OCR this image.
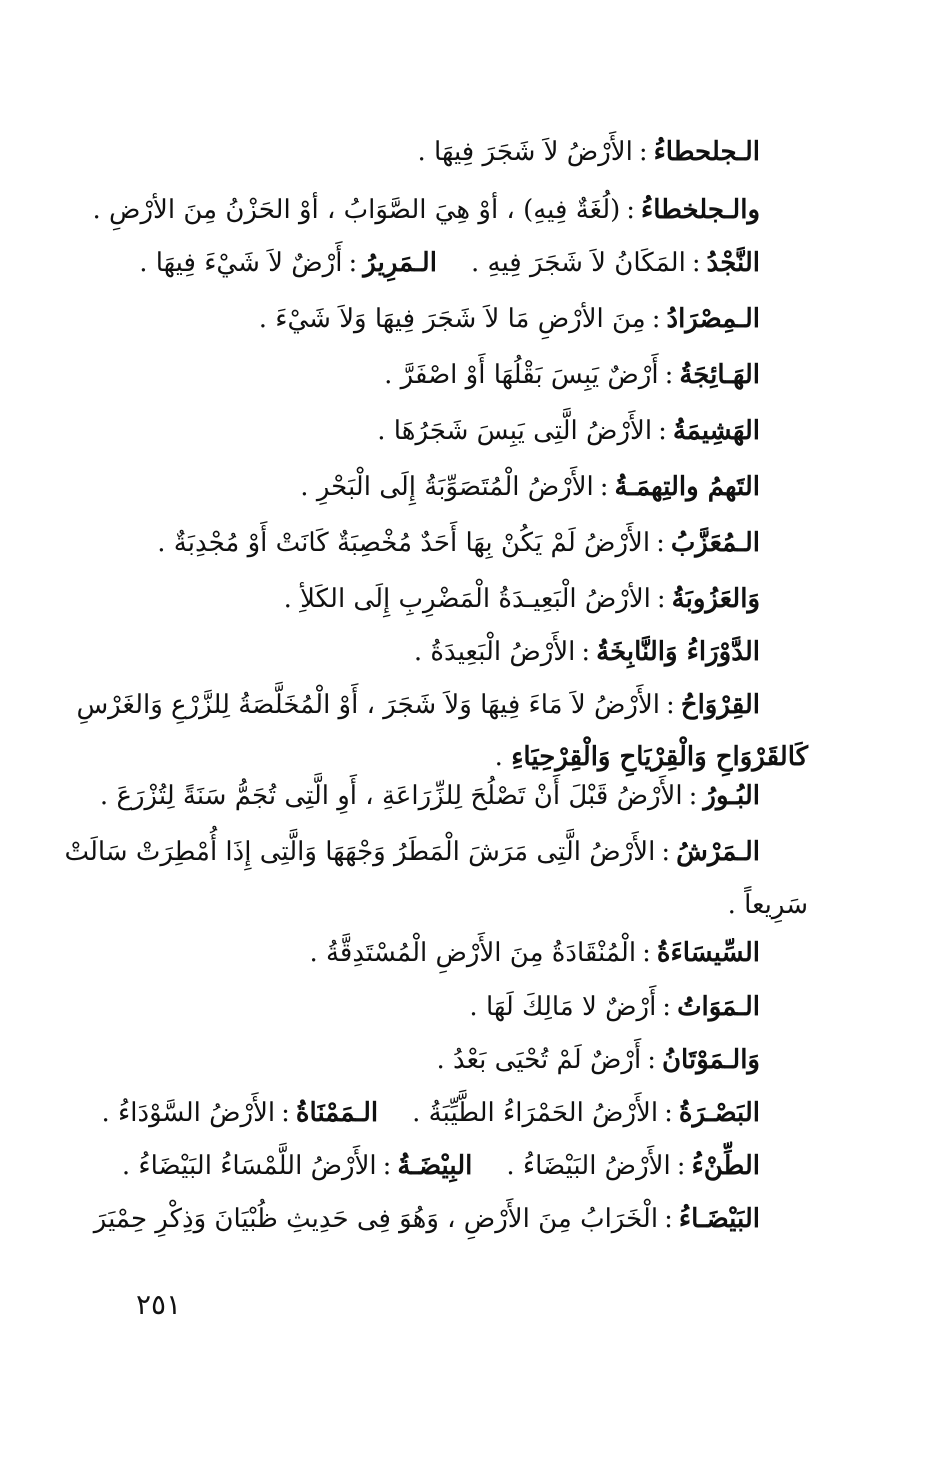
الـجلحطاءُ:الأَرْضُ لاَ شَجَرَ فِيهَا .
والـجلخطاءُ:(لُغَةٌ فِيهِ) ، أوْ هِيَ الصَّوَابُ ، أوْ الحَزْنُ مِنَ الأرْضِ .
النَّجْدُ:المَكَانُ لاَ شَجَرَ فِيهِ .الـمَرِيرُ:أَرْضٌ لاَ شَيْءَ فِيهَا .
الـمِصْرَادُ:مِنَ الأرْضِ مَا لاَ شَجَرَ فِيهَا وَلاَ شَيْءَ .
الهَـائِجَةُ:أَرْضٌ يَبِسَ بَقْلُهَا أَوْ اصْفَرَّ .
الهَشِيمَةُ:الأَرْضُ الَّتِى يَبِسَ شَجَرُهَا .
التَهمُ والتِهمَـةُ:الأَرْضُ الْمُتَصَوِّبَةُ إِلَى الْبَحْرِ .
الـمُعَزَّبُ:الأَرْضُ لَمْ يَكُنْ بِهَا أَحَدٌ مُخْصِبَةٌ كَانَتْ أَوْ مُجْدِبَةٌ .
وَالعَزُوبَةُ:الأرْضُ الْبَعِيـدَةُ الْمَضْرِبِ إِلَى الكَلأِ .
الدَّوْرَاءُ وَالنَّابِخَةُ:الأَرْضُ الْبَعِيدَةُ .
القِرْوَاحُ:الأَرْضُ لاَ مَاءَ فِيهَا وَلاَ شَجَرَ ، أَوْ الْمُخَلَّصَةُ لِلزَّرْعِ وَالغَرْسِ
كَالقَرْوَاحِ وَالْقِرْيَاحِ وَالْقِرْحِيَاءِ .
البُـورُ:الأَرْضُ قَبْلَ أَنْ تَصْلُحَ لِلزِّرَاعَةِ ، أَوِ الَّتِى تُجَمُّ سَنَةً لِتُزْرَعَ .
الـمَرْشُ:الأَرْضُ الَّتِى مَرَشَ الْمَطَرُ وَجْهَهَا وَالَّتِى إِذَا أُمْطِرَتْ سَالَتْ
سَرِيعاً .
السِّيسَاءَةُ:الْمُنْقَادَةُ مِنَ الأَرْضِ الْمُسْتَدِقَّةُ .
الـمَوَاتُ:أَرْضٌ لا مَالِكَ لَهَا .
وَالـمَوْتَانُ:أَرْضٌ لَمْ تُحْيَى بَعْدُ .
البَصْـرَةُ:الأَرْضُ الحَمْرَاءُ الطَّيِّبَةُ .الـمَمْنَاةُ:الأَرْضُ السَّوْدَاءُ .
الطِّنْءُ:الأَرْضُ البَيْضَاءُ .البِيْضَـةُ:الأَرْضُ اللَّمْسَاءُ البَيْضَاءُ .
البَيْضَـاءُ:الْخَرَابُ مِنَ الأَرْضِ ، وَهُوَ فِى حَدِيثِ ظُبْيَانَ وَذِكْرِ حِمْيَرَ
٢٥١
